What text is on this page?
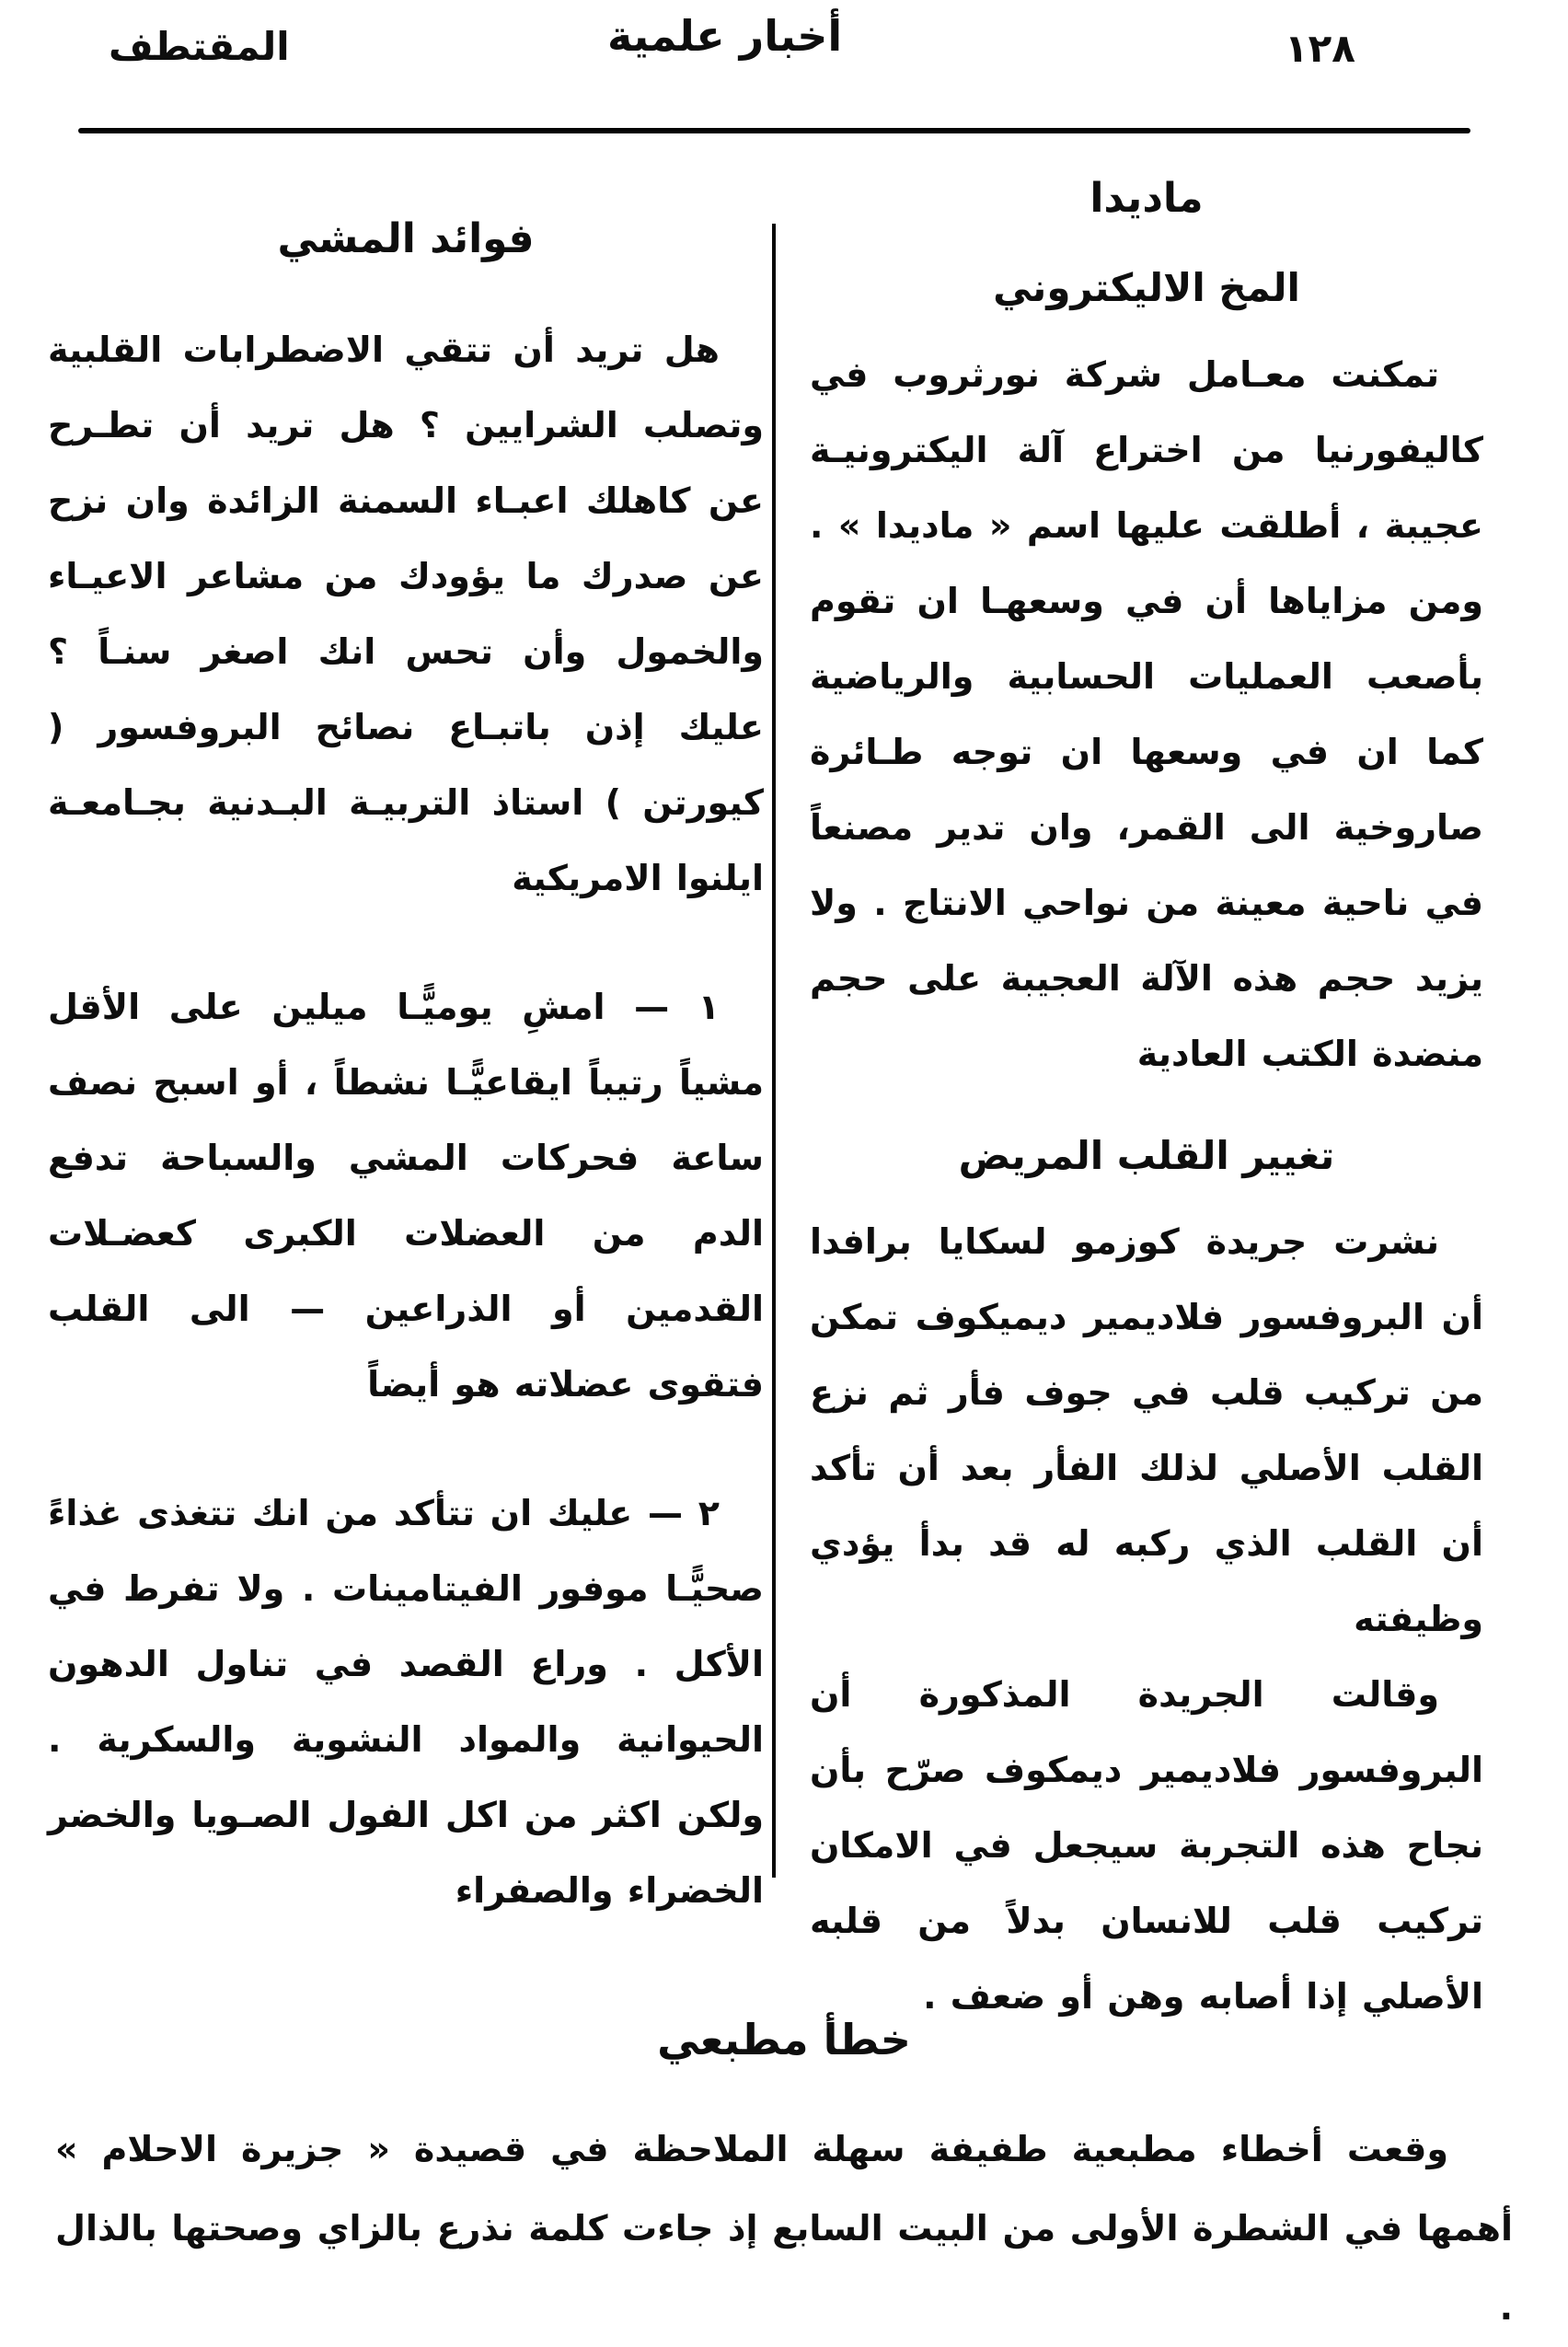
المقتطف	أخبار علمية	١٢٨
ماديدا
المخ الاليكتروني

تمكنت معـامل شركة نورثروب في كاليفورنيا من اختراع آلة اليكترونيـة عجيبة ، أطلقت عليها اسم « ماديدا » . ومن مزاياها أن في وسعهـا ان تقوم بأصعب العمليات الحسابية والرياضية كما ان في وسعها ان توجه طـائرة صاروخية الى القمر، وان تدير مصنعاً في ناحية معينة من نواحي الانتاج . ولا يزيد حجم هذه الآلة العجيبة على حجم منضدة الكتب العادية

تغيير القلب المريض

نشرت جريدة كوزمو لسكايا برافدا أن البروفسور فلاديمير ديميكوف تمكن من تركيب قلب في جوف فأر ثم نزع القلب الأصلي لذلك الفأر بعد أن تأكد أن القلب الذي ركبه له قد بدأ يؤدي وظيفته

وقالت الجريدة المذكورة أن البروفسور فلاديمير ديمكوف صرّح بأن نجاح هذه التجربة سيجعل في الامكان تركيب قلب للانسان بدلاً من قلبه الأصلي إذا أصابه وهن أو ضعف .

فوائد المشي

هل تريد أن تتقي الاضطرابات القلبية وتصلب الشرايين ؟ هل تريد أن تطـرح عن كاهلك اعبـاء السمنة الزائدة وان نزح عن صدرك ما يؤودك من مشاعر الاعيـاء والخمول وأن تحس انك اصغر سنـاً ؟ عليك إذن باتبـاع نصائح البروفسور ( كيورتن ) استاذ التربيـة البـدنية بجـامعـة ايلنوا الامريكية

١ — امشِ يوميًّـا ميلين على الأقل مشياً رتيباً ايقاعيًّـا نشطاً ، أو اسبح نصف ساعة فحركات المشي والسباحة تدفع الدم من العضلات الكبرى كعضـلات القدمين أو الذراعين — الى القلب فتقوى عضلاته هو أيضاً

٢ — عليك ان تتأكد من انك تتغذى غذاءً صحيًّـا موفور الفيتامينات . ولا تفرط في الأكل . وراع القصد في تناول الدهون الحيوانية والمواد النشوية والسكرية . ولكن اكثر من اكل الفول الصـويا والخضر الخضراء والصفراء

خطأ مطبعي

وقعت أخطاء مطبعية طفيفة سهلة الملاحظة في قصيدة « جزيرة الاحلام » أهمها في الشطرة الأولى من البيت السابع إذ جاءت كلمة نذرع بالزاي وصحتها بالذال .
